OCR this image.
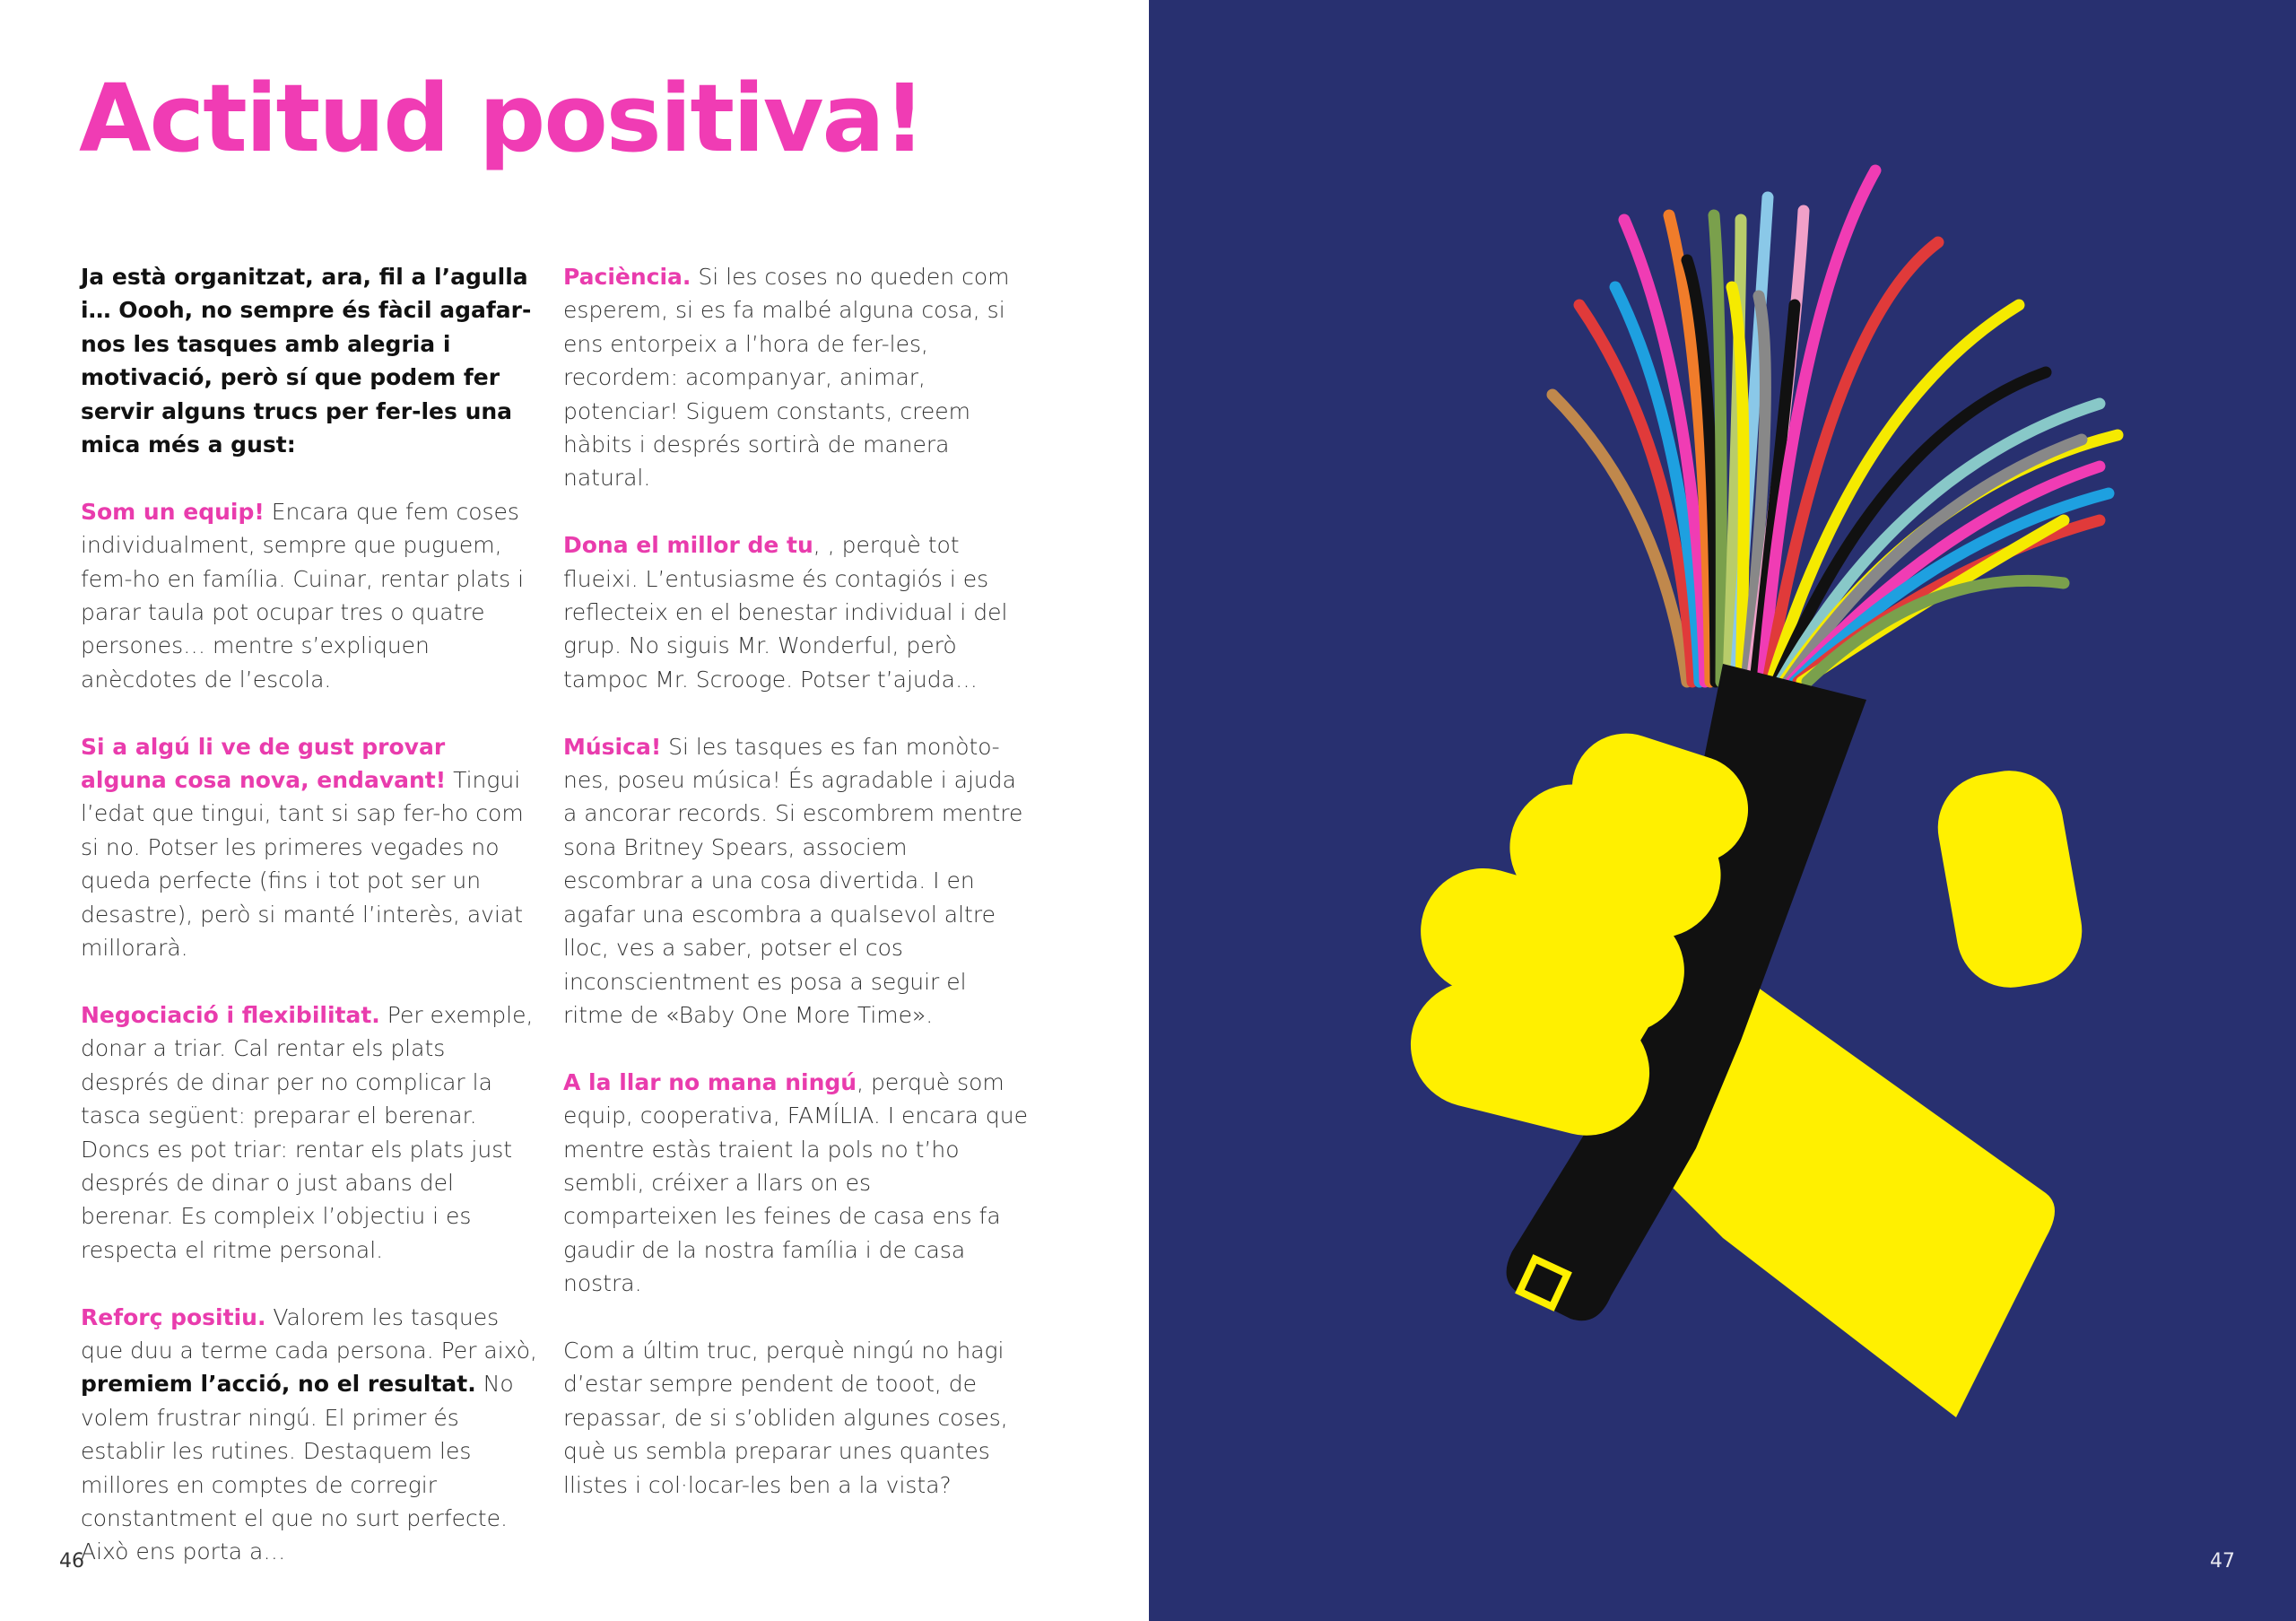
Actitud positiva!

Ja està organitzat, ara, fil a l’agulla i… Oooh, no sempre és fàcil agafar-nos les tasques amb alegria i motivació, però sí que podem fer servir alguns trucs per fer-les una mica més a gust:

Som un equip! Encara que fem coses individualment, sempre que puguem, fem-ho en família. Cuinar, rentar plats i parar taula pot ocupar tres o quatre persones… mentre s’expliquen anècdotes de l’escola.

Si a algú li ve de gust provar alguna cosa nova, endavant! Tingui l’edat que tingui, tant si sap fer-ho com si no. Potser les primeres vegades no queda perfecte (fins i tot pot ser un desastre), però si manté l’interès, aviat millorarà.

Negociació i flexibilitat. Per exemple, donar a triar. Cal rentar els plats després de dinar per no complicar la tasca següent: preparar el berenar. Doncs es pot triar: rentar els plats just després de dinar o just abans del berenar. Es compleix l’objectiu i es respecta el ritme personal.

Reforç positiu. Valorem les tasques que duu a terme cada persona. Per això, premiem l’acció, no el resultat. No volem frustrar ningú. El primer és establir les rutines. Destaquem les millores en comptes de corregir constantment el que no surt perfecte. Això ens porta a…

Paciència. Si les coses no queden com esperem, si es fa malbé alguna cosa, si ens entorpeix a l’hora de fer-les, recordem: acompanyar, animar, potenciar! Siguem constants, creem hàbits i després sortirà de manera natural.

Dona el millor de tu, , perquè tot flueixi. L’entusiasme és contagiós i es reflecteix en el benestar individual i del grup. No siguis Mr. Wonderful, però tampoc Mr. Scrooge. Potser t’ajuda…

Música! Si les tasques es fan monòtones, poseu música! És agradable i ajuda a ancorar records. Si escombrem mentre sona Britney Spears, associem escombrar a una cosa divertida. I en agafar una escombra a qualsevol altre lloc, ves a saber, potser el cos inconscientment es posa a seguir el ritme de «Baby One More Time».

A la llar no mana ningú, perquè som equip, cooperativa, FAMÍLIA. I encara que mentre estàs traient la pols no t’ho sembli, créixer a llars on es comparteixen les feines de casa ens fa gaudir de la nostra família i de casa nostra.

Com a últim truc, perquè ningú no hagi d’estar sempre pendent de tooot, de repassar, de si s’obliden algunes coses, què us sembla preparar unes quantes llistes i col·locar-les ben a la vista?

46	47
